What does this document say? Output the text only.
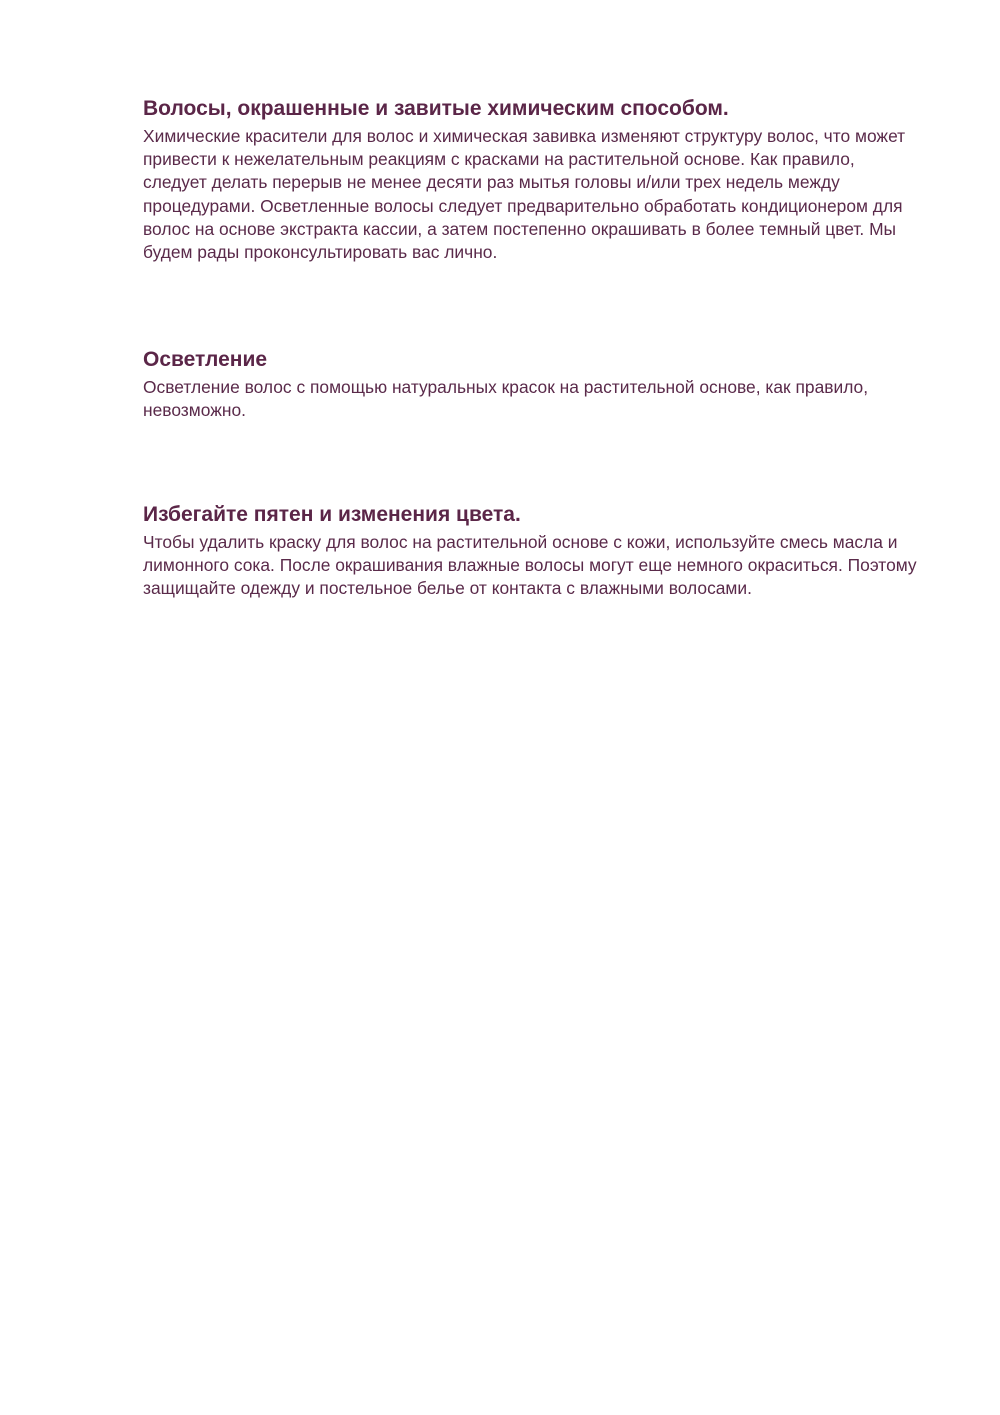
Волосы, окрашенные и завитые химическим способом.

Химические красители для волос и химическая завивка изменяют структуру волос, что может привести к нежелательным реакциям с красками на растительной основе. Как правило, следует делать перерыв не менее десяти раз мытья головы и/или трех недель между процедурами. Осветленные волосы следует предварительно обработать кондиционером для волос на основе экстракта кассии, а затем постепенно окрашивать в более темный цвет. Мы будем рады проконсультировать вас лично.

Осветление

Осветление волос с помощью натуральных красок на растительной основе, как правило, невозможно.

Избегайте пятен и изменения цвета.

Чтобы удалить краску для волос на растительной основе с кожи, используйте смесь масла и лимонного сока. После окрашивания влажные волосы могут еще немного окраситься. Поэтому защищайте одежду и постельное белье от контакта с влажными волосами.
